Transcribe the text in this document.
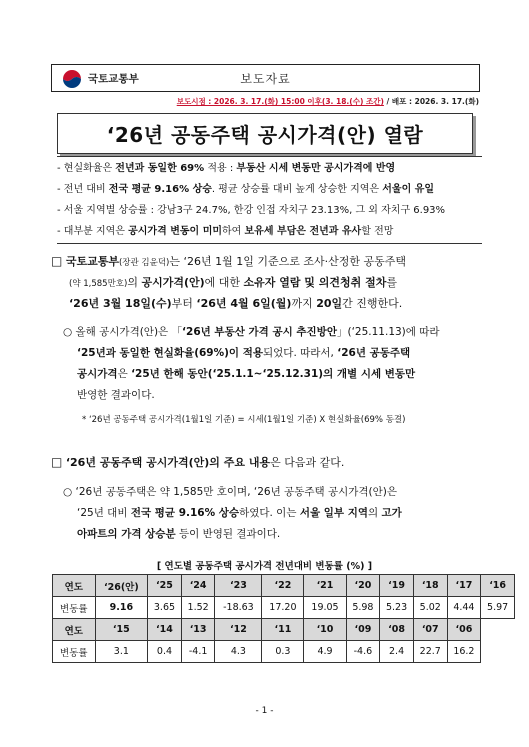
국토교통부	보도자료
보도시점 : 2026. 3. 17.(화) 15:00 이후(3. 18.(수) 조간) / 배포 : 2026. 3. 17.(화)
‘26년 공동주택 공시가격(안) 열람
- 현실화율은 전년과 동일한 69% 적용 : 부동산 시세 변동만 공시가격에 반영
- 전년 대비 전국 평균 9.16% 상승. 평균 상승률 대비 높게 상승한 지역은 서울이 유일
- 서울 지역별 상승률 : 강남3구 24.7%, 한강 인접 자치구 23.13%, 그 외 자치구 6.93%
- 대부분 지역은 공시가격 변동이 미미하여 보유세 부담은 전년과 유사할 전망
□ 국토교통부(장관 김윤덕)는 ‘26년 1월 1일 기준으로 조사·산정한 공동주택
(약 1,585만호)의 공시가격(안)에 대한 소유자 열람 및 의견청취 절차를
‘26년 3월 18일(수)부터 ‘26년 4월 6일(월)까지 20일간 진행한다.
○ 올해 공시가격(안)은 「‘26년 부동산 가격 공시 추진방안」(‘25.11.13)에 따라
‘25년과 동일한 현실화율(69%)이 적용되었다. 따라서, ‘26년 공동주택
공시가격은 ‘25년 한해 동안(‘25.1.1~‘25.12.31)의 개별 시세 변동만
반영한 결과이다.
* ‘26년 공동주택 공시가격(1월1일 기준) = 시세(1월1일 기준) X 현실화율(69% 동결)
□ ‘26년 공동주택 공시가격(안)의 주요 내용은 다음과 같다.
○ ‘26년 공동주택은 약 1,585만 호이며, ‘26년 공동주택 공시가격(안)은
‘25년 대비 전국 평균 9.16% 상승하였다. 이는 서울 일부 지역의 고가
아파트의 가격 상승분 등이 반영된 결과이다.
[ 연도별 공동주택 공시가격 전년대비 변동률 (%) ]
연도	‘26(안)	‘25	‘24	‘23	‘22	‘21	‘20	‘19	‘18	‘17	‘16
변동률	9.16	3.65	1.52	-18.63	17.20	19.05	5.98	5.23	5.02	4.44	5.97
연도	‘15	‘14	‘13	‘12	‘11	‘10	‘09	‘08	‘07	‘06	
변동률	3.1	0.4	-4.1	4.3	0.3	4.9	-4.6	2.4	22.7	16.2	
- 1 -
